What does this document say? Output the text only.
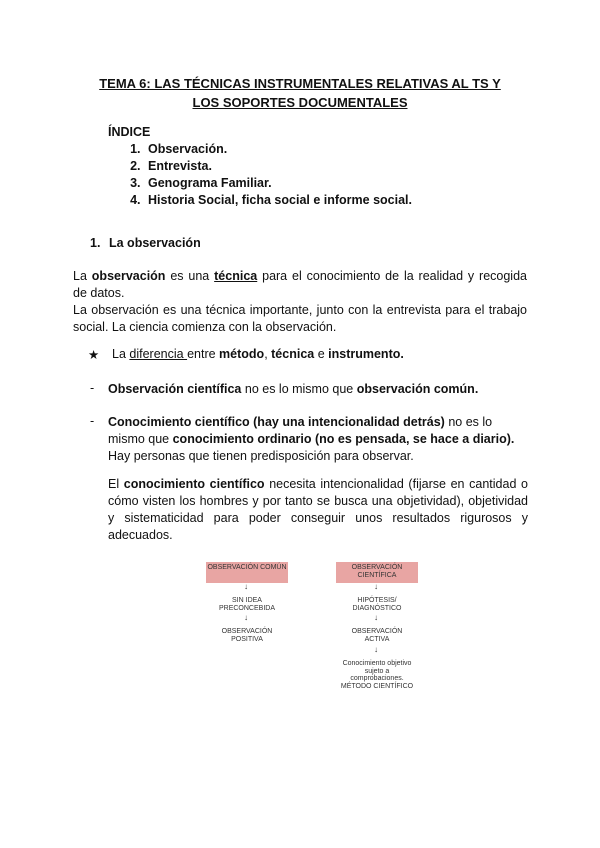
TEMA 6: LAS TÉCNICAS INSTRUMENTALES RELATIVAS AL TS Y
LOS SOPORTES DOCUMENTALES
ÍNDICE
1. Observación.
2. Entrevista.
3. Genograma Familiar.
4. Historia Social, ficha social e informe social.
1. La observación
La observación es una técnica para el conocimiento de la realidad y recogida de datos.
La observación es una técnica importante, junto con la entrevista para el trabajo social. La ciencia comienza con la observación.
★ La diferencia entre método, técnica e instrumento.
- Observación científica no es lo mismo que observación común.
- Conocimiento científico (hay una intencionalidad detrás) no es lo mismo que conocimiento ordinario (no es pensada, se hace a diario).
Hay personas que tienen predisposición para observar.
El conocimiento científico necesita intencionalidad (fijarse en cantidad o cómo visten los hombres y por tanto se busca una objetividad), objetividad y sistematicidad para poder conseguir unos resultados rigurosos y adecuados.
OBSERVACIÓN COMÚN
↓
SIN IDEA PRECONCEBIDA
↓
OBSERVACIÓN POSITIVA
OBSERVACIÓN CIENTÍFICA
↓
HIPÓTESIS/ DIAGNÓSTICO
↓
OBSERVACIÓN ACTIVA
↓
Conocimiento objetivo sujeto a comprobaciones. MÉTODO CIENTÍFICO
